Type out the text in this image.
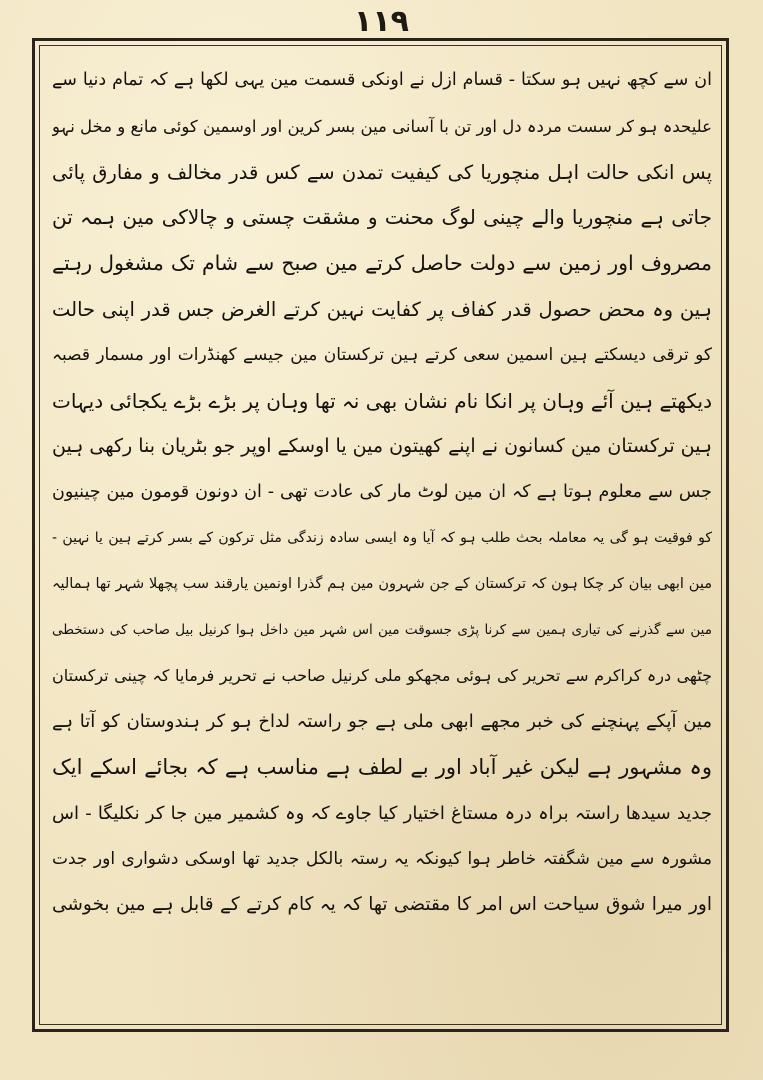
۱۱۹
ان سے کچھ نہیں ہو سکتا - قسام ازل نے اونکی قسمت مین یہی لکھا ہے کہ تمام دنیا سے
علیحدہ ہو کر سست مردہ دل اور تن با آسانی مین بسر کرین اور اوسمین کوئی مانع و مخل نہو
پس انکی حالت اہل منچوریا کی کیفیت تمدن سے کس قدر مخالف و مفارق پائی
جاتی ہے منچوریا والے چینی لوگ محنت و مشقت چستی و چالاکی مین ہمہ تن
مصروف اور زمین سے دولت حاصل کرتے مین صبح سے شام تک مشغول رہتے
ہین وہ محض حصول قدر کفاف پر کفایت نہین کرتے الغرض جس قدر اپنی حالت
کو ترقی دیسکتے ہین اسمین سعی کرتے ہین ترکستان مین جیسے کھنڈرات اور مسمار قصبہ
دیکھتے ہین آئے وہان پر انکا نام نشان بھی نہ تھا وہان پر بڑے بڑے یکجائی دیہات
ہین ترکستان مین کسانون نے اپنے کھیتون مین یا اوسکے اوپر جو بٹریان بنا رکھی ہین
جس سے معلوم ہوتا ہے کہ ان مین لوٹ مار کی عادت تھی - ان دونون قومون مین چینیون
کو فوقیت ہو گی یہ معاملہ بحث طلب ہو کہ آیا وہ ایسی سادہ زندگی مثل ترکون کے بسر کرتے ہین یا نہین -
مین ابھی بیان کر چکا ہون کہ ترکستان کے جن شہرون مین ہم گذرا اونمین یارقند سب پچھلا شہر تھا ہمالیہ
مین سے گذرنے کی تیاری ہمین سے کرنا پڑی جسوقت مین اس شہر مین داخل ہوا کرنیل بیل صاحب کی دستخطی
چٹھی درہ کراکرم سے تحریر کی ہوئی مجھکو ملی کرنیل صاحب نے تحریر فرمایا کہ چینی ترکستان
مین آپکے پہنچنے کی خبر مجھے ابھی ملی ہے جو راستہ لداخ ہو کر ہندوستان کو آتا ہے
وہ مشہور ہے لیکن غیر آباد اور بے لطف ہے مناسب ہے کہ بجائے اسکے ایک
جدید سیدھا راستہ براہ درہ مستاغ اختیار کیا جاوے کہ وہ کشمیر مین جا کر نکلیگا - اس
مشورہ سے مین شگفتہ خاطر ہوا کیونکہ یہ رستہ بالکل جدید تھا اوسکی دشواری اور جدت
اور میرا شوق سیاحت اس امر کا مقتضی تھا کہ یہ کام کرتے کے قابل ہے مین بخوشی
